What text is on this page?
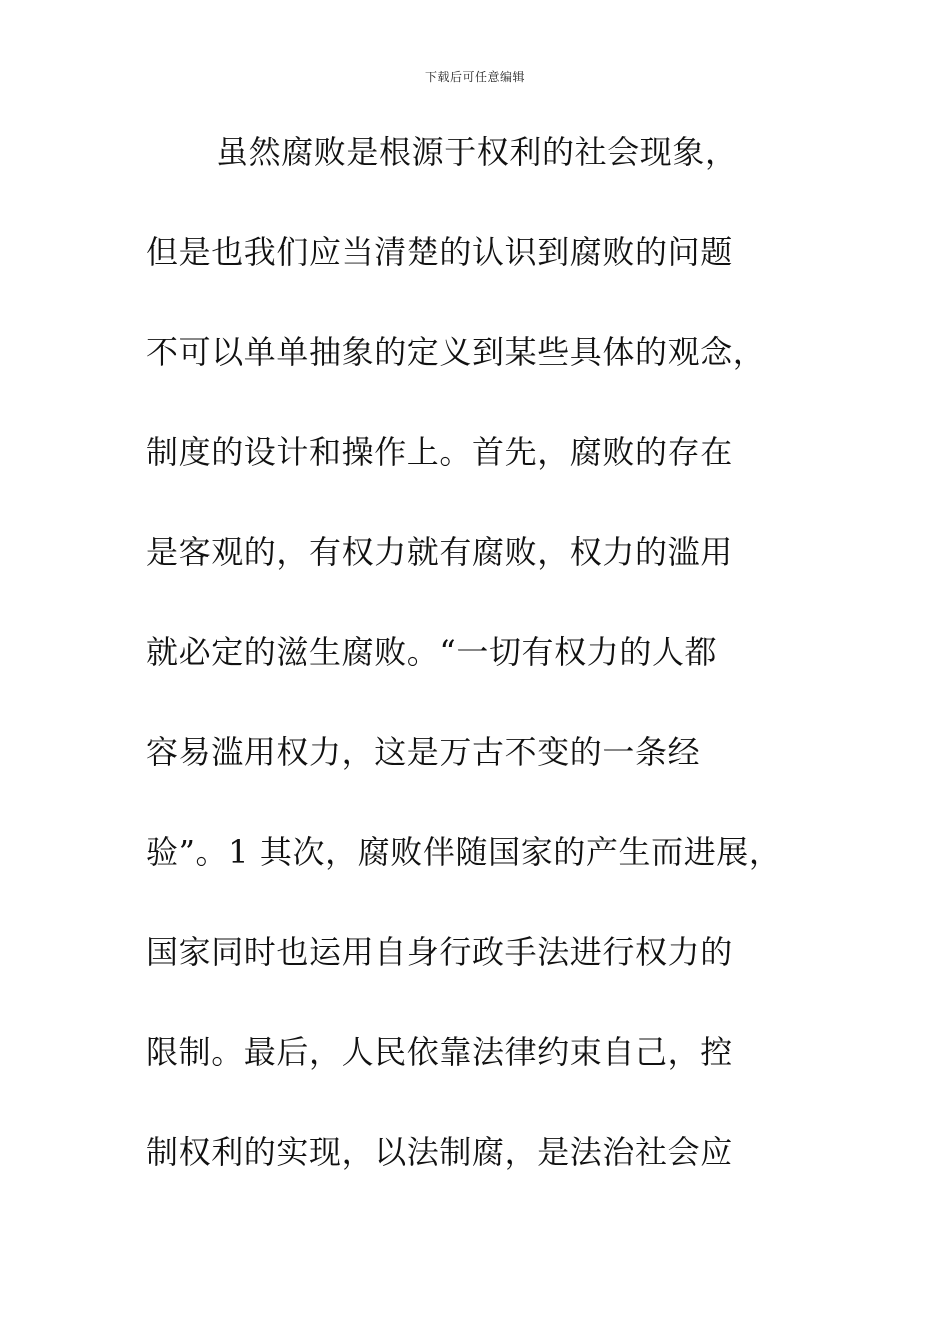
下载后可任意编辑
虽然腐败是根源于权利的社会现象，
但是也我们应当清楚的认识到腐败的问题
不可以单单抽象的定义到某些具体的观念，
制度的设计和操作上。首先，腐败的存在
是客观的，有权力就有腐败，权力的滥用
就必定的滋生腐败。“一切有权力的人都
容易滥用权力，这是万古不变的一条经
验”。1 其次，腐败伴随国家的产生而进展，
国家同时也运用自身行政手法进行权力的
限制。最后，人民依靠法律约束自己，控
制权利的实现，以法制腐，是法治社会应
